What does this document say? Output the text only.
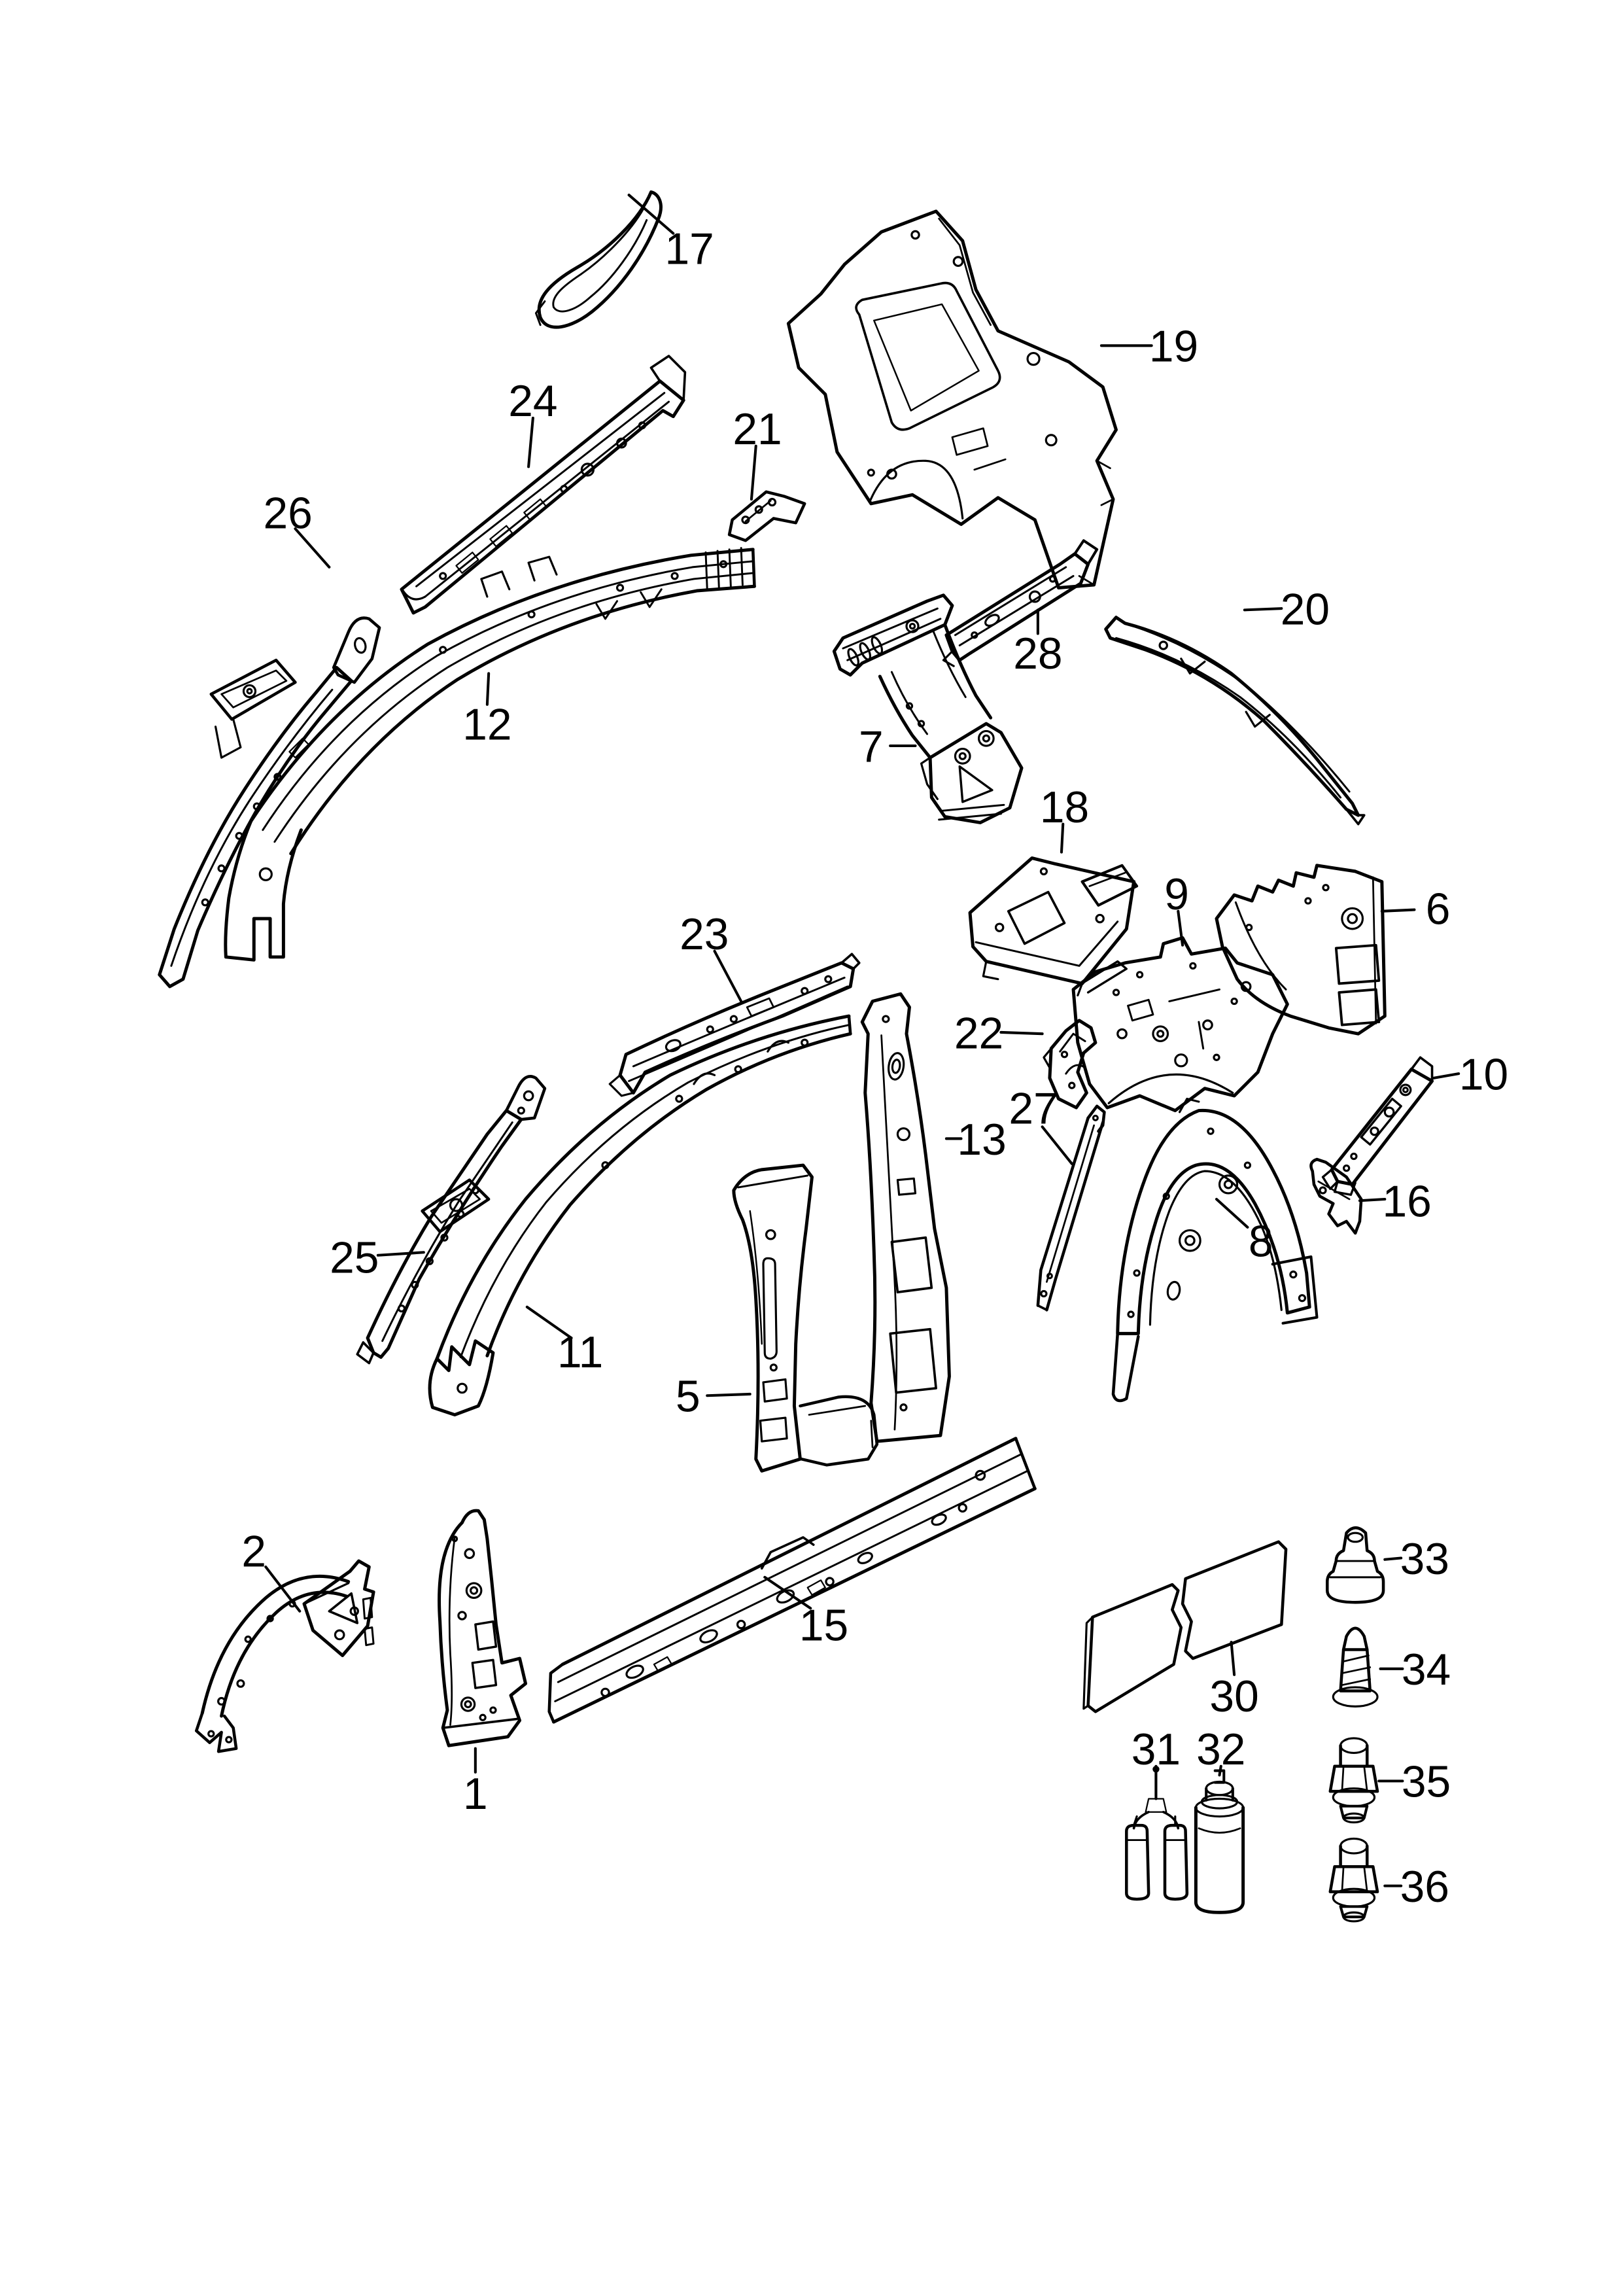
1
2
5
6
7
8
9
10
11
12
13
15
16
17
18
19
20
21
22
23
24
25
26
27
28
30
31 32
33
34
35
36
